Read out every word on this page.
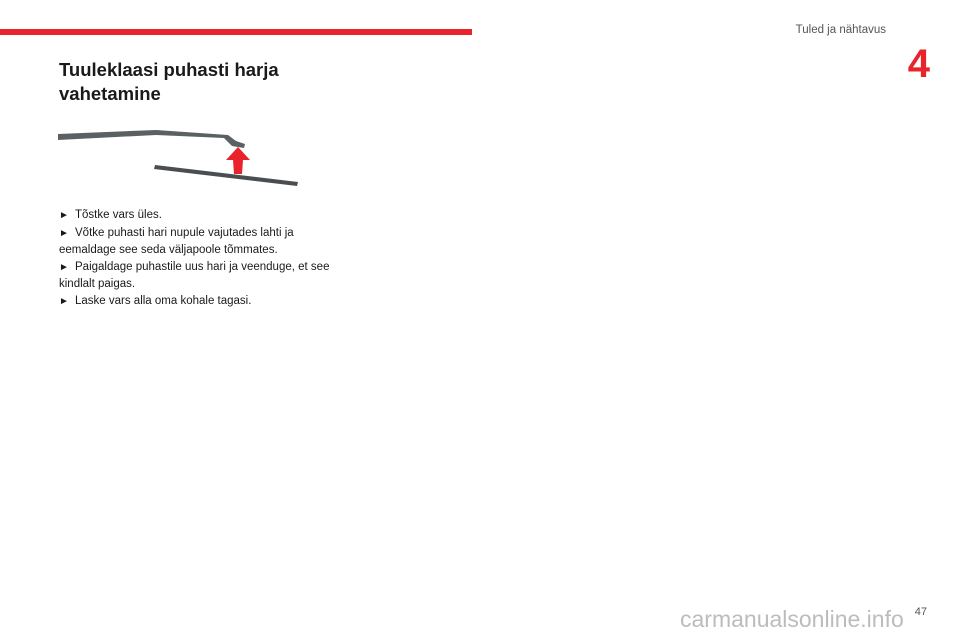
Tuled ja nähtavus
4
Tuuleklaasi puhasti harja vahetamine
► Tõstke vars üles.
► Võtke puhasti hari nupule vajutades lahti ja eemaldage see seda väljapoole tõmmates.
► Paigaldage puhastile uus hari ja veenduge, et see kindlalt paigas.
► Laske vars alla oma kohale tagasi.
47
carmanualsonline.info
